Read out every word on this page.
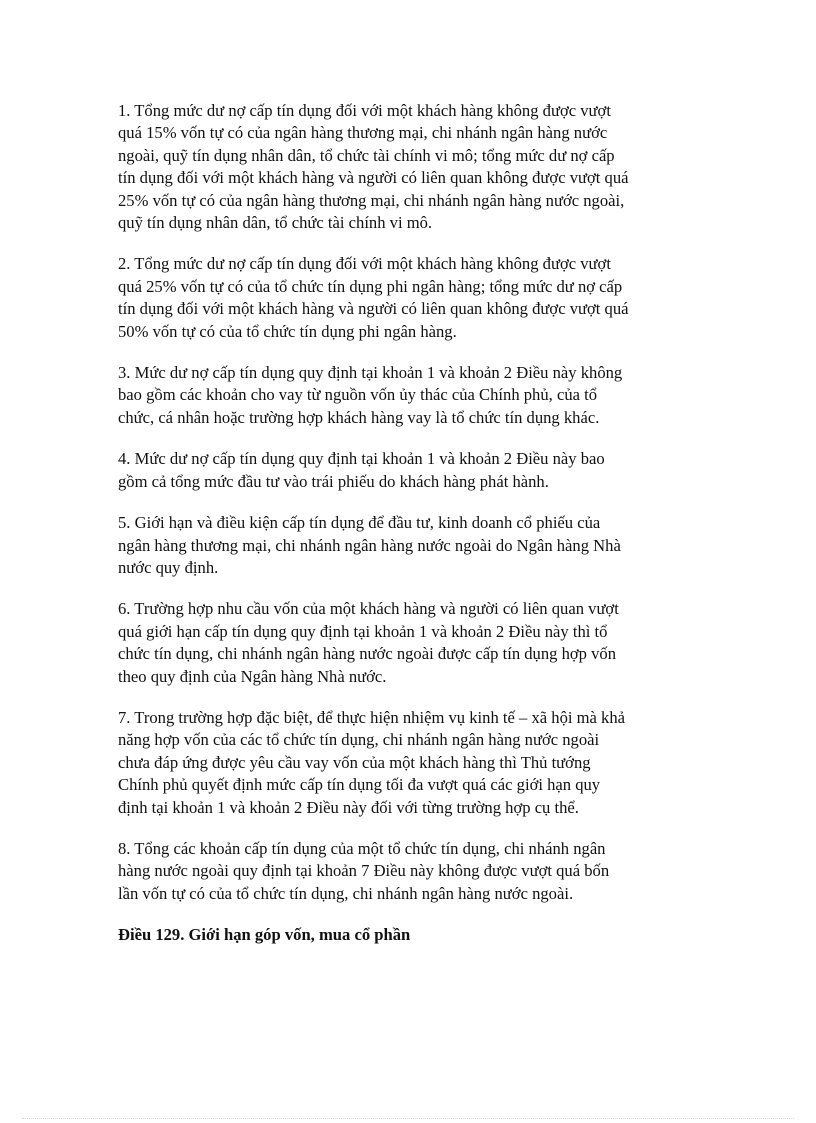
1. Tổng mức dư nợ cấp tín dụng đối với một khách hàng không được vượt
quá 15% vốn tự có của ngân hàng thương mại, chi nhánh ngân hàng nước
ngoài, quỹ tín dụng nhân dân, tổ chức tài chính vi mô; tổng mức dư nợ cấp
tín dụng đối với một khách hàng và người có liên quan không được vượt quá
25% vốn tự có của ngân hàng thương mại, chi nhánh ngân hàng nước ngoài,
quỹ tín dụng nhân dân, tổ chức tài chính vi mô.

2. Tổng mức dư nợ cấp tín dụng đối với một khách hàng không được vượt
quá 25% vốn tự có của tổ chức tín dụng phi ngân hàng; tổng mức dư nợ cấp
tín dụng đối với một khách hàng và người có liên quan không được vượt quá
50% vốn tự có của tổ chức tín dụng phi ngân hàng.

3. Mức dư nợ cấp tín dụng quy định tại khoản 1 và khoản 2 Điều này không
bao gồm các khoản cho vay từ nguồn vốn ủy thác của Chính phủ, của tổ
chức, cá nhân hoặc trường hợp khách hàng vay là tổ chức tín dụng khác.

4. Mức dư nợ cấp tín dụng quy định tại khoản 1 và khoản 2 Điều này bao
gồm cả tổng mức đầu tư vào trái phiếu do khách hàng phát hành.

5. Giới hạn và điều kiện cấp tín dụng để đầu tư, kinh doanh cổ phiếu của
ngân hàng thương mại, chi nhánh ngân hàng nước ngoài do Ngân hàng Nhà
nước quy định.

6. Trường hợp nhu cầu vốn của một khách hàng và người có liên quan vượt
quá giới hạn cấp tín dụng quy định tại khoản 1 và khoản 2 Điều này thì tổ
chức tín dụng, chi nhánh ngân hàng nước ngoài được cấp tín dụng hợp vốn
theo quy định của Ngân hàng Nhà nước.

7. Trong trường hợp đặc biệt, để thực hiện nhiệm vụ kinh tế – xã hội mà khả
năng hợp vốn của các tổ chức tín dụng, chi nhánh ngân hàng nước ngoài
chưa đáp ứng được yêu cầu vay vốn của một khách hàng thì Thủ tướng
Chính phủ quyết định mức cấp tín dụng tối đa vượt quá các giới hạn quy
định tại khoản 1 và khoản 2 Điều này đối với từng trường hợp cụ thể.

8. Tổng các khoản cấp tín dụng của một tổ chức tín dụng, chi nhánh ngân
hàng nước ngoài quy định tại khoản 7 Điều này không được vượt quá bốn
lần vốn tự có của tổ chức tín dụng, chi nhánh ngân hàng nước ngoài.

Điều 129. Giới hạn góp vốn, mua cổ phần
